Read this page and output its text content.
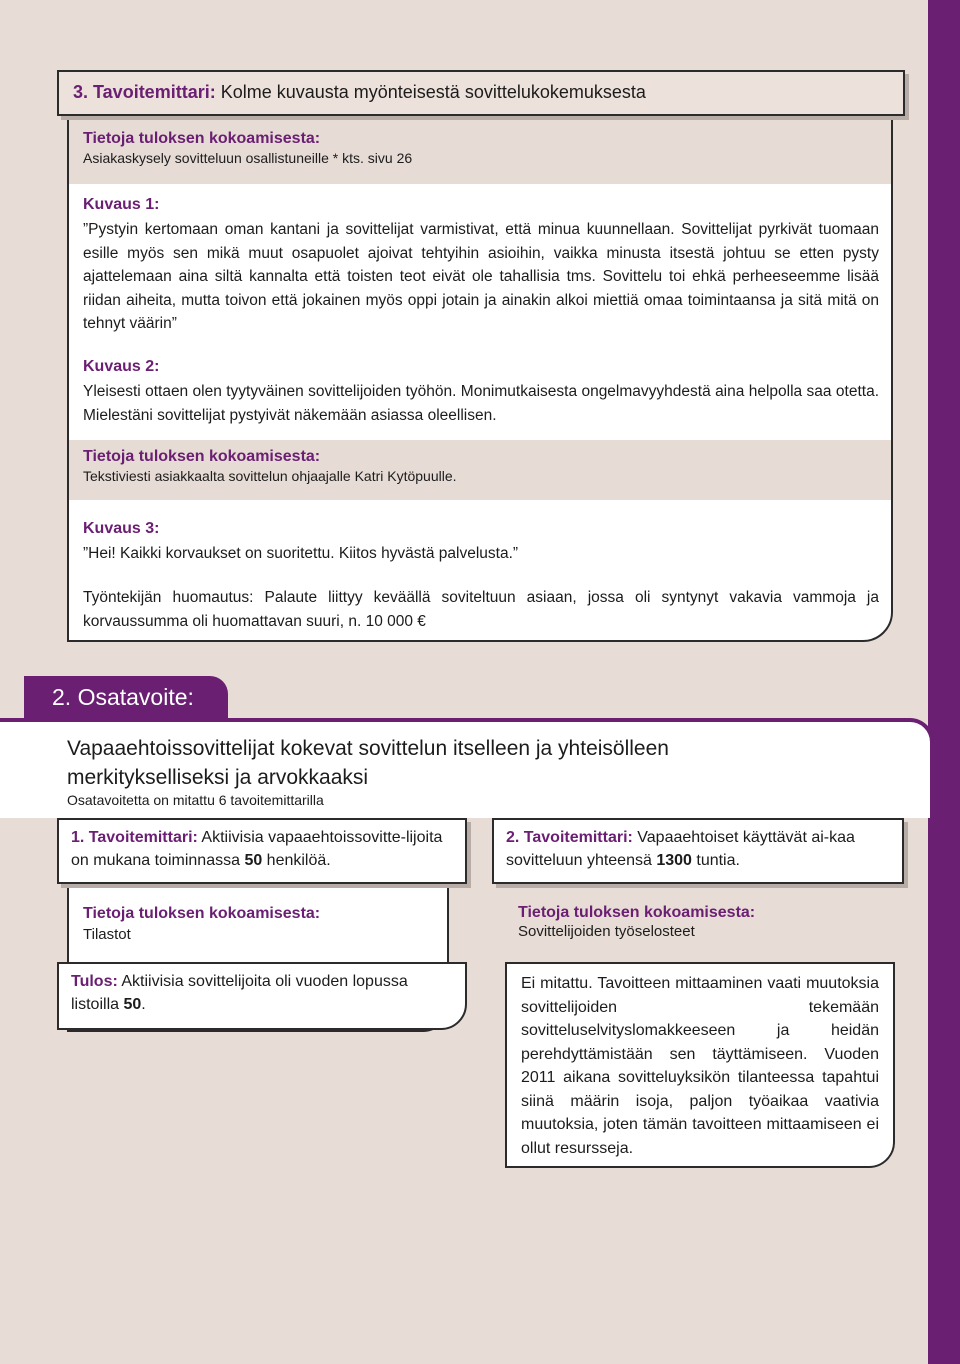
Tietoja tuloksen kokoamisesta:
Asiakaskysely sovitteluun osallistuneille * kts. sivu 26
Kuvaus 1:
”Pystyin kertomaan oman kantani ja sovittelijat varmistivat, että minua kuunnellaan. Sovittelijat pyrkivät tuomaan esille myös sen mikä muut osapuolet ajoivat tehtyihin asioihin, vaikka minusta itsestä johtuu se etten pysty ajattelemaan aina siltä kannalta että toisten teot eivät ole tahallisia tms. Sovittelu toi ehkä perheeseemme lisää riidan aiheita, mutta toivon että jokainen myös oppi jotain ja ainakin alkoi miettiä omaa toimintaansa ja sitä mitä on tehnyt väärin”
Kuvaus 2:
Yleisesti ottaen olen tyytyväinen sovittelijoiden työhön. Monimutkaisesta ongelmavyyhdestä aina helpolla saa otetta. Mielestäni sovittelijat pystyivät näkemään asiassa oleellisen.
Tietoja tuloksen kokoamisesta:
Tekstiviesti asiakkaalta sovittelun ohjaajalle Katri Kytöpuulle.
Kuvaus 3:
”Hei! Kaikki korvaukset on suoritettu. Kiitos hyvästä palvelusta.”
Työntekijän huomautus: Palaute liittyy keväällä soviteltuun asiaan, jossa oli syntynyt vakavia vammoja ja korvaussumma oli huomattavan suuri, n. 10 000 €
3. Tavoitemittari: Kolme kuvausta myönteisestä sovittelukokemuksesta
2. Osatavoite:
Vapaaehtoissovittelijat kokevat sovittelun itselleen ja yhteisölleen merkitykselliseksi ja arvokkaaksi
Osatavoitetta on mitattu 6 tavoitemittarilla
Tietoja tuloksen kokoamisesta:
Tilastot
1. Tavoitemittari: Aktiivisia vapaaehtoissovitte-lijoita on mukana toiminnassa 50 henkilöä.
Tulos: Aktiivisia sovittelijoita oli vuoden lopussa listoilla 50.
2. Tavoitemittari: Vapaaehtoiset käyttävät ai-kaa sovitteluun yhteensä 1300 tuntia.
Tietoja tuloksen kokoamisesta:
Sovittelijoiden työselosteet
Ei mitattu. Tavoitteen mittaaminen vaati muutoksia sovittelijoiden tekemään sovitteluselvityslomakkeeseen ja heidän perehdyttämistään sen täyttämiseen. Vuoden 2011 aikana sovitteluyksikön tilanteessa tapahtui siinä määrin isoja, paljon työaikaa vaativia muutoksia, joten tämän tavoitteen mittaamiseen ei ollut resursseja.
